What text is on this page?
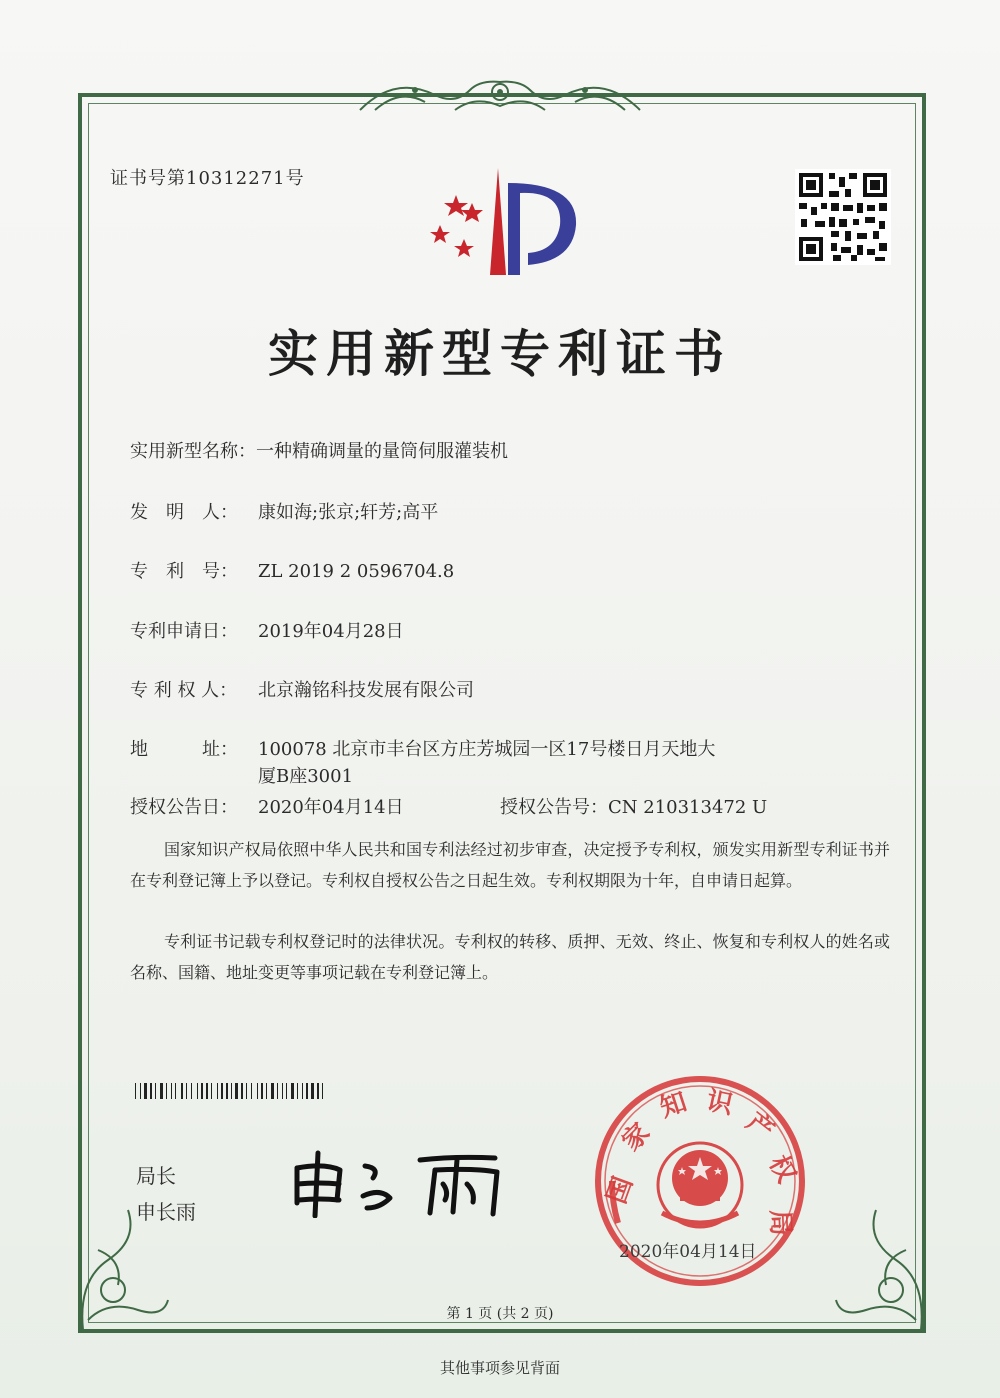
证书号第10312271号
实用新型专利证书
实用新型名称：一种精确调量的量筒伺服灌装机
发　明　人： 康如海;张京;轩芳;高平
专　利　号： ZL 2019 2 0596704.8
专利申请日： 2019年04月28日
专 利 权 人： 北京瀚铭科技发展有限公司
地　　　址： 100078 北京市丰台区方庄芳城园一区17号楼日月天地大
厦B座3001
授权公告日： 2020年04月14日	授权公告号：CN 210313472 U
国家知识产权局依照中华人民共和国专利法经过初步审查，决定授予专利权，颁发实用新型专利证书并在专利登记簿上予以登记。专利权自授权公告之日起生效。专利权期限为十年，自申请日起算。
专利证书记载专利权登记时的法律状况。专利权的转移、质押、无效、终止、恢复和专利权人的姓名或名称、国籍、地址变更等事项记载在专利登记簿上。
局长
申长雨
国
家
知 识
产
权
局
2020年04月14日
第 1 页 (共 2 页)
其他事项参见背面
